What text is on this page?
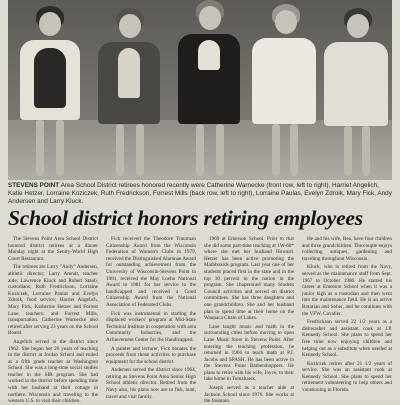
STEVENS POINT Area School District retirees honored recently were Catherine Warnecke (front row, left to right), Harriet Angelich, Katie Hetzer, Lorraine Koziczek, Ruth Fredrickson, Forrest Mills (back row, left to right), Lorraine Paulas, Evelyn Zdroik, Mary Fick, Andy Andersen and Larry Kluck.
School district honors retiring employees

The Stevens Point Area School District honored district retirees at a dinner Monday night at the Sentry-World High Court Restaurant.

The retirees are Larry "Andy" Andersen, athletic director; Larry Arendt, teacher aide; Lawrence Kluck and Robert Staub, custodians; Ruth Fredrickson, Lorraine Koziczek, Lorraine Paulas and Evelyn Zdroik, food service; Harriet Angelich, Mary Fick, Katherine Hetzer and Forrest Lane, teachers; and Forrest Mills, transportation. Catherine Warnecke also retired after serving 23 years on the School Board.

Angelich served in the district since 1962. She began her 26 years of teaching in the district at Jordan School and ended as a fifth grade teacher at Washington School. She was a long-time social studies teacher in the SIR program. She had worked in the district before spending time with her husband at their cottage in northern Wisconsin and traveling to the western U.S. to visit their children.

Fick received the Theodore Trautman Citizenship Award from the Wisconsin Federation of Women's Clubs in 1979, received the Distinguished Alumnae Award for outstanding achievement from the University of Wisconsin-Stevens Point in 1981, received the May Loehn National Award in 1981 for her service to the handicapped and received a Good Citizenship Award from the National Association of Federated Clubs.

Fick was instrumental in starting the displaced workers' program at Mid-State Technical Institute in cooperation with area Community Industries, and the Achievement Center for the Handicapped.

A painter and lecturer, Fick donates the proceeds from those activities to purchase equipment for the school district.

Andersen served the district since 1964, retiring as Stevens Point Area Senior High School athletic director. Retired from the Navy also, his plans now are to fish, hunt, travel and visit family.

1969 at Emerson School. Prior to that she did some part-time teaching at 1W-60* where she met her husband Howard. Hetzer has been active promoting the Mathboards program. Last year one of her students placed first in the state and in the top 10 percent in the nation in the program. She chaperoned many Student Council activities and served on district committees. She has three daughters and one grandchildren. She and her husband plan to spend time at their home on the Waupaca Chain of Lakes.

Lane taught music and math in the surrounding cities before moving to open Lane Music Store in Stevens Point. After entering the teaching profession, he returned in 1966 to teach math at P.J. Jacobs and SPASH. He has been active in the Stevens Point Barbershoppers. He plans to retire with his wife, Joyce, to their lake home in Tomahawk.

Joseph served as a teacher aide at Jackson School since 1976. She works at the fountain.

He and his wife, Bea, have four children and three grandchildren. The couple enjoys collecting antiques, gardening and traveling throughout Wisconsin.

Kluck, who is retired from the Navy, served as the maintenance staff from Sept. 1967 to October 1986. He started his career at Emerson School when it was a junior high as a custodian and then went into the maintenance field. He is an active Rotarian and Sober, and he continues with the VFW, Cavalier.

Fredrickson served 22 1/2 years as a dishwasher and assistant cook at J.P. Kennedy School. She plans to spend her free time now enjoying children and helping out as a substitute when needed at Kennedy School.

Koziczek retires after 21 1/2 years of service. She was an assistant cook at Kennedy School. She plans to spend her retirement volunteering to help others and vacationing in Florida.
